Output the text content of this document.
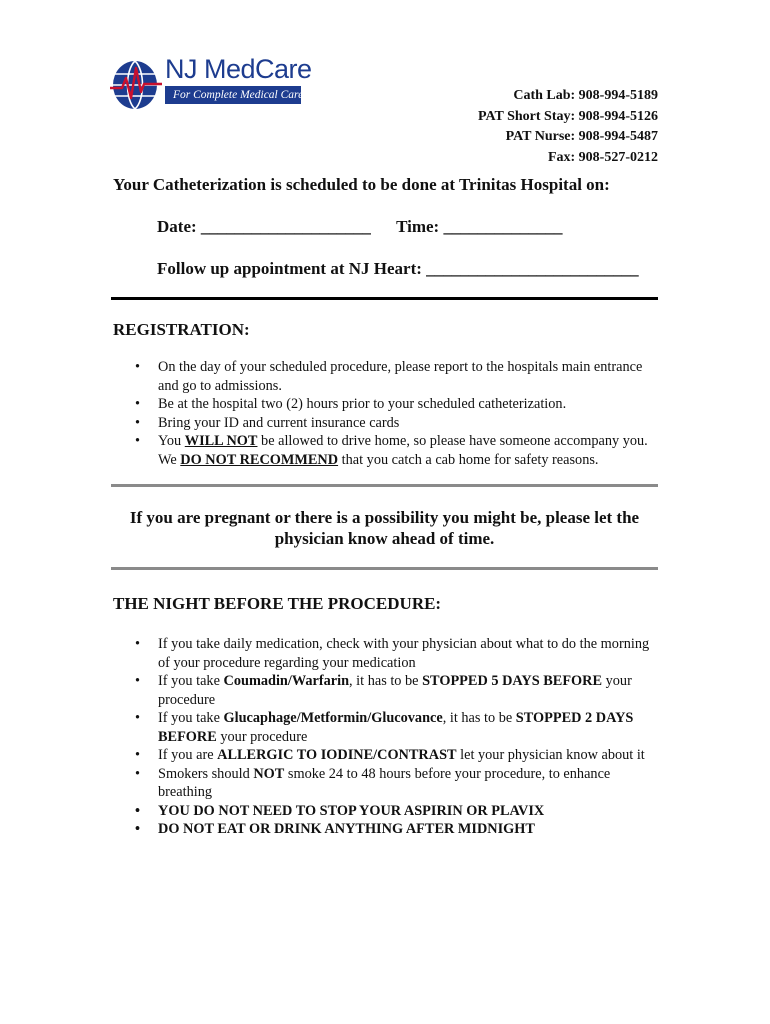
NJ MedCare
For Complete Medical Care	Cath Lab: 908-994-5189
PAT Short Stay: 908-994-5126
PAT Nurse: 908-994-5487
Fax: 908-527-0212
Your Catheterization is scheduled to be done at Trinitas Hospital on:
Date: ____________________      Time: ______________
Follow up appointment at NJ Heart: _________________________
REGISTRATION:
• On the day of your scheduled procedure, please report to the hospitals main entrance and go to admissions.
• Be at the hospital two (2) hours prior to your scheduled catheterization.
• Bring your ID and current insurance cards
• You WILL NOT be allowed to drive home, so please have someone accompany you. We DO NOT RECOMMEND that you catch a cab home for safety reasons.
If you are pregnant or there is a possibility you might be, please let the physician know ahead of time.
THE NIGHT BEFORE THE PROCEDURE:
• If you take daily medication, check with your physician about what to do the morning of your procedure regarding your medication
• If you take Coumadin/Warfarin, it has to be STOPPED 5 DAYS BEFORE your procedure
• If you take Glucaphage/Metformin/Glucovance, it has to be STOPPED 2 DAYS BEFORE your procedure
• If you are ALLERGIC TO IODINE/CONTRAST let your physician know about it
• Smokers should NOT smoke 24 to 48 hours before your procedure, to enhance breathing
• YOU DO NOT NEED TO STOP YOUR ASPIRIN OR PLAVIX
• DO NOT EAT OR DRINK ANYTHING AFTER MIDNIGHT
